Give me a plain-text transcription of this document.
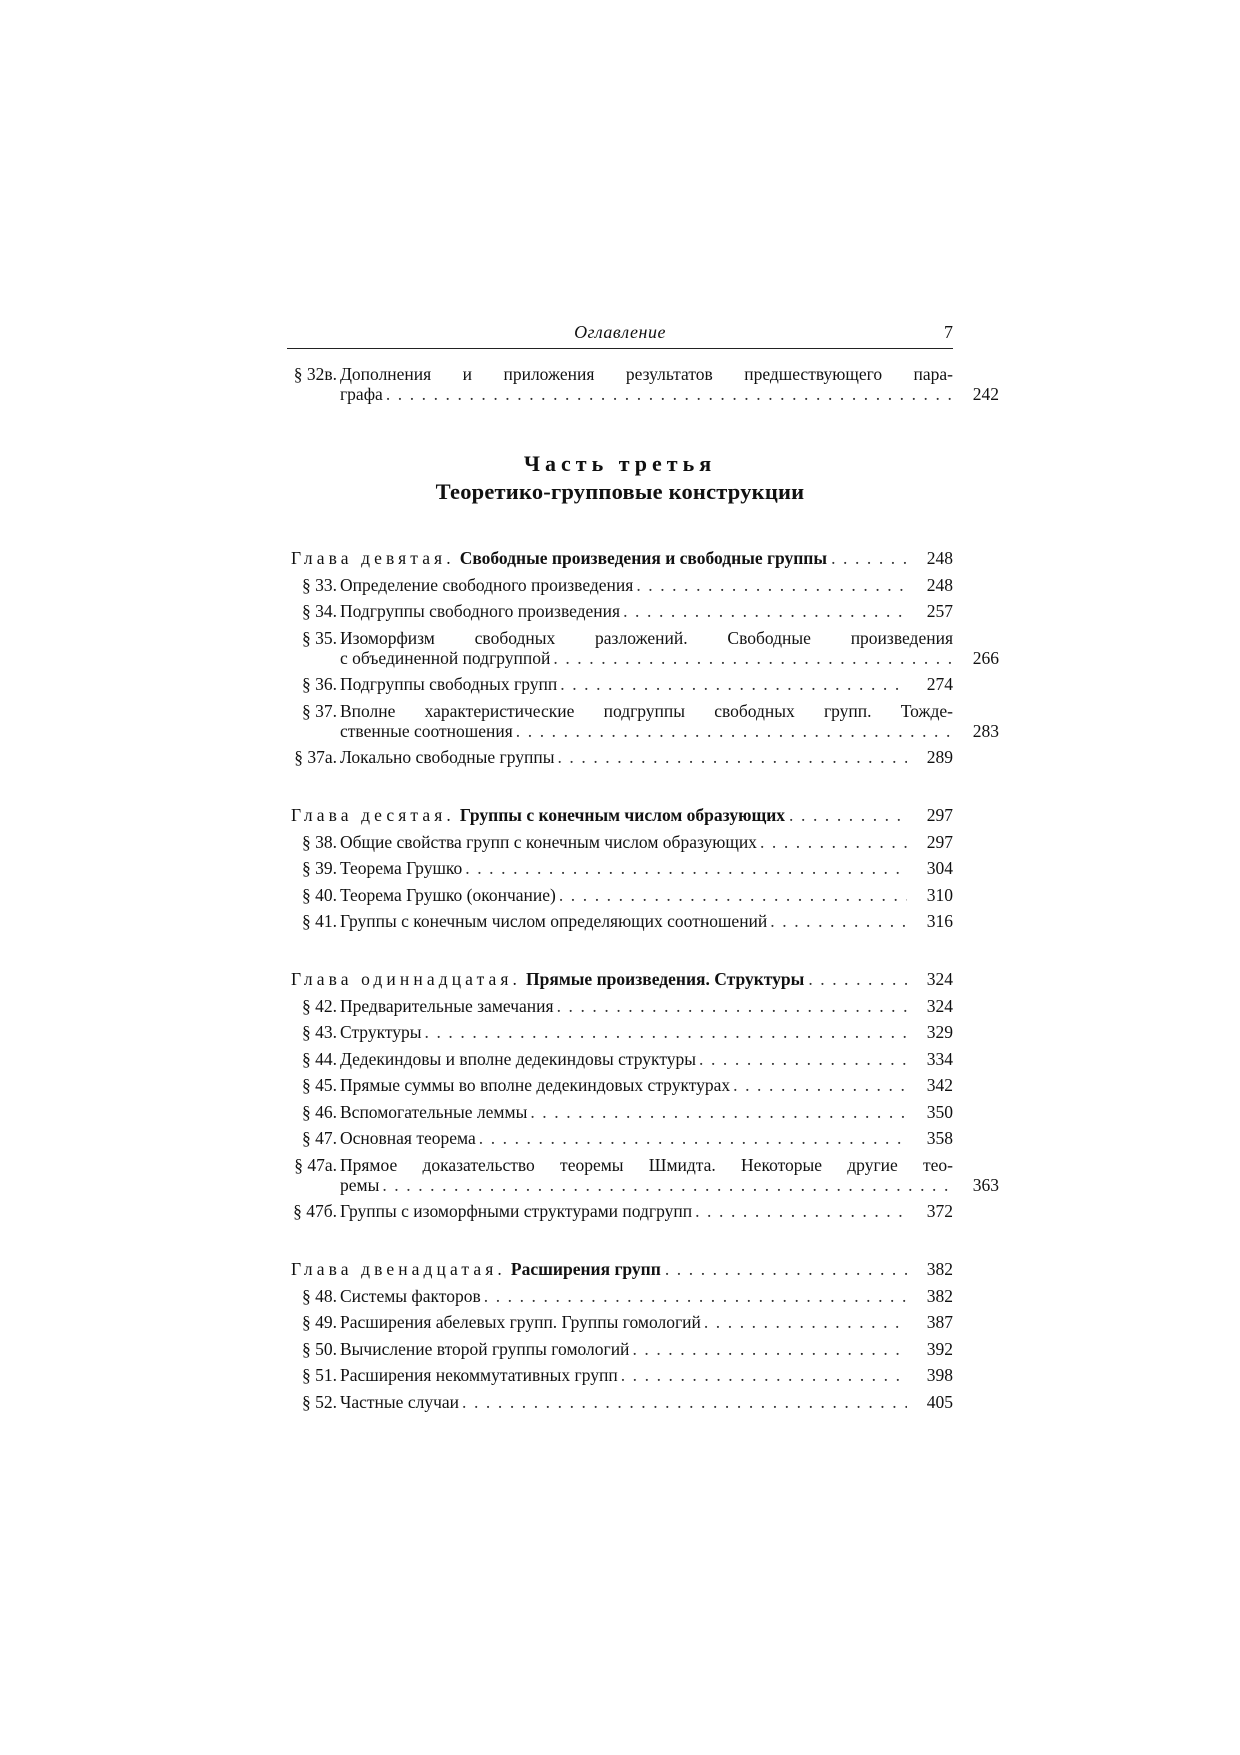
Оглавление	7
§ 32в. Дополнения и приложения результатов предшествующего пара-
графа . . .	242
Часть третья
Теоретико-групповые конструкции
Глава девятая. Свободные произведения и свободные группы . . .	248
§ 33. Определение свободного произведения . . .	248
§ 34. Подгруппы свободного произведения . . .	257
§ 35. Изоморфизм свободных разложений. Свободные произведения
с объединенной подгруппой . . .	266
§ 36. Подгруппы свободных групп . . .	274
§ 37. Вполне характеристические подгруппы свободных групп. Тожде-
ственные соотношения . . .	283
§ 37а. Локально свободные группы . . .	289
Глава десятая. Группы с конечным числом образующих . . .	297
§ 38. Общие свойства групп с конечным числом образующих . . .	297
§ 39. Теорема Грушко . . .	304
§ 40. Теорема Грушко (окончание) . . .	310
§ 41. Группы с конечным числом определяющих соотношений . . .	316
Глава одиннадцатая. Прямые произведения. Структуры . . .	324
§ 42. Предварительные замечания . . .	324
§ 43. Структуры . . .	329
§ 44. Дедекиндовы и вполне дедекиндовы структуры . . .	334
§ 45. Прямые суммы во вполне дедекиндовых структурах . . .	342
§ 46. Вспомогательные леммы . . .	350
§ 47. Основная теорема . . .	358
§ 47а. Прямое доказательство теоремы Шмидта. Некоторые другие тео-
ремы . . .	363
§ 47б. Группы с изоморфными структурами подгрупп . . .	372
Глава двенадцатая. Расширения групп . . .	382
§ 48. Системы факторов . . .	382
§ 49. Расширения абелевых групп. Группы гомологий . . .	387
§ 50. Вычисление второй группы гомологий . . .	392
§ 51. Расширения некоммутативных групп . . .	398
§ 52. Частные случаи . . .	405
